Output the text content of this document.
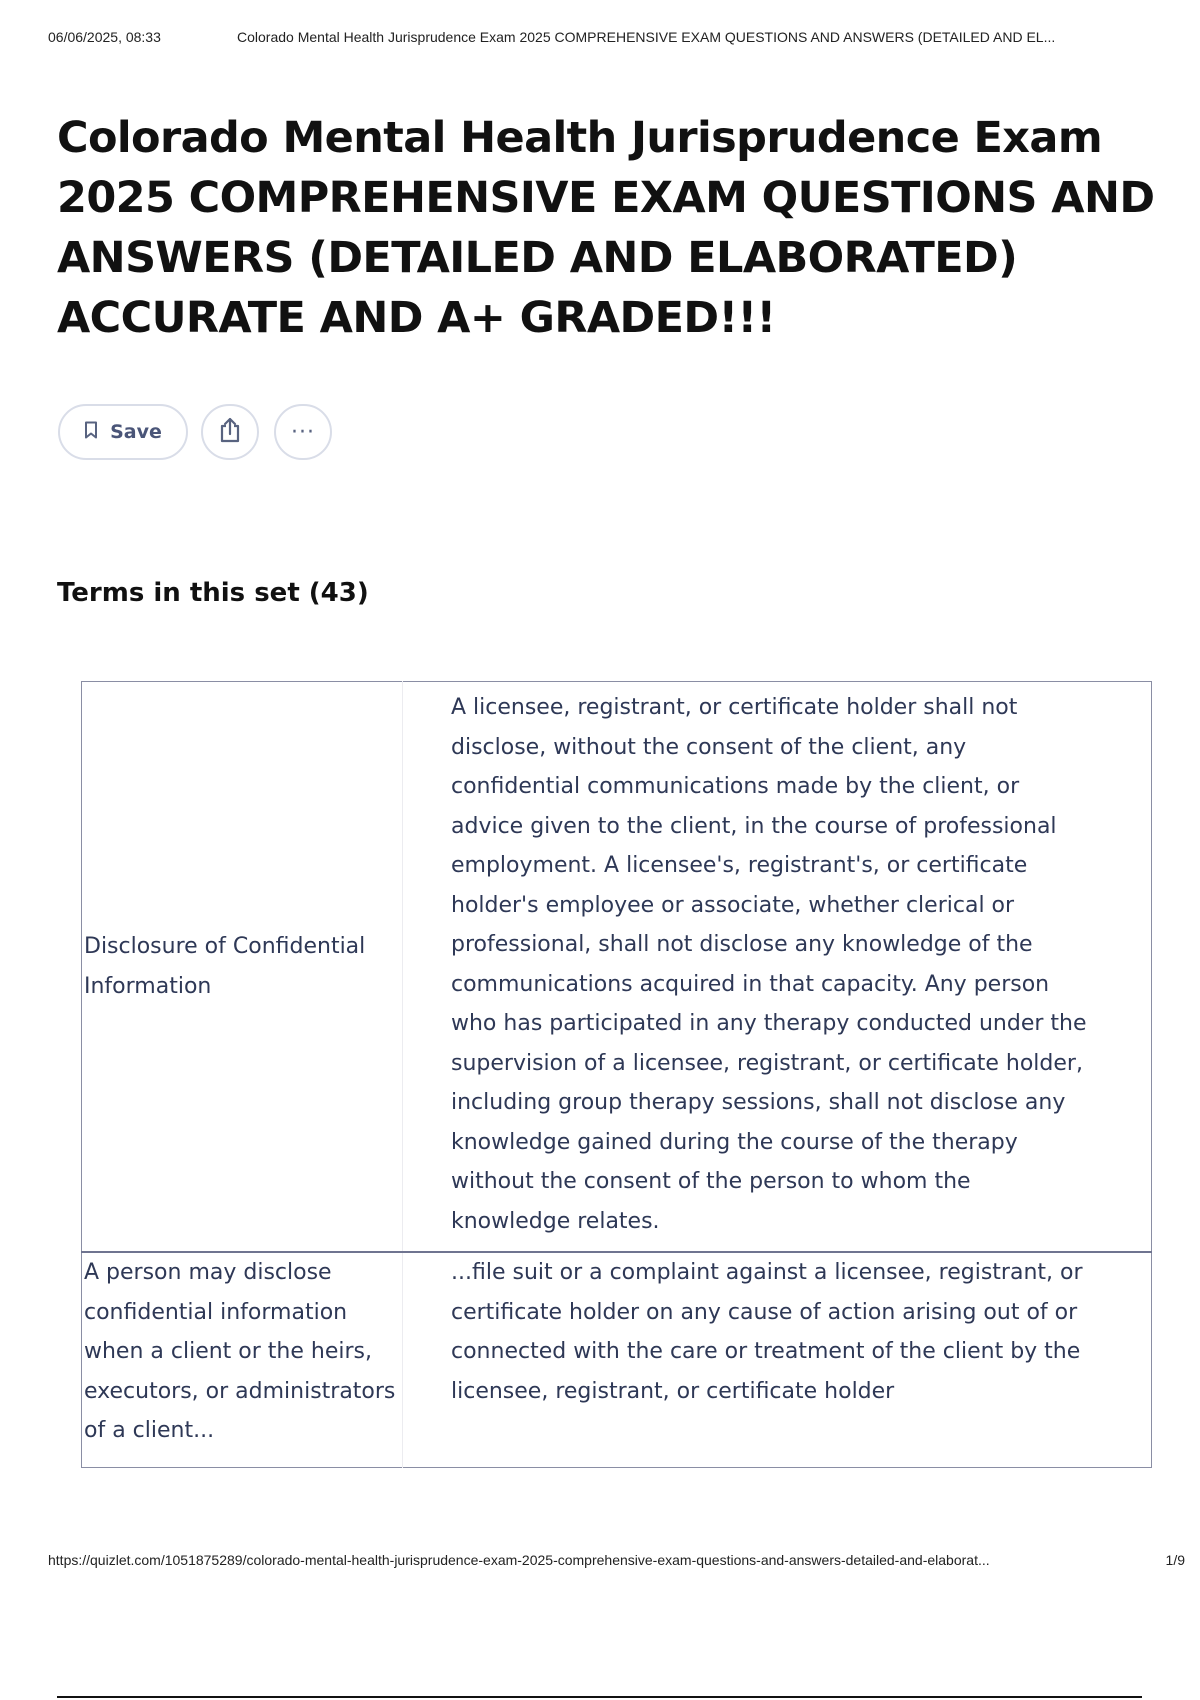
06/06/2025, 08:33	Colorado Mental Health Jurisprudence Exam 2025 COMPREHENSIVE EXAM QUESTIONS AND ANSWERS (DETAILED AND EL...
Colorado Mental Health Jurisprudence Exam 2025 COMPREHENSIVE EXAM QUESTIONS AND ANSWERS (DETAILED AND ELABORATED) ACCURATE AND A+ GRADED!!!
Save	···
Terms in this set (43)
Disclosure of Confidential Information	A licensee, registrant, or certificate holder shall not disclose, without the consent of the client, any confidential communications made by the client, or advice given to the client, in the course of professional employment. A licensee's, registrant's, or certificate holder's employee or associate, whether clerical or professional, shall not disclose any knowledge of the communications acquired in that capacity. Any person who has participated in any therapy conducted under the supervision of a licensee, registrant, or certificate holder, including group therapy sessions, shall not disclose any knowledge gained during the course of the therapy without the consent of the person to whom the knowledge relates.
A person may disclose confidential information when a client or the heirs, executors, or administrators of a client...	...file suit or a complaint against a licensee, registrant, or certificate holder on any cause of action arising out of or connected with the care or treatment of the client by the licensee, registrant, or certificate holder
https://quizlet.com/1051875289/colorado-mental-health-jurisprudence-exam-2025-comprehensive-exam-questions-and-answers-detailed-and-elaborat...	1/9
